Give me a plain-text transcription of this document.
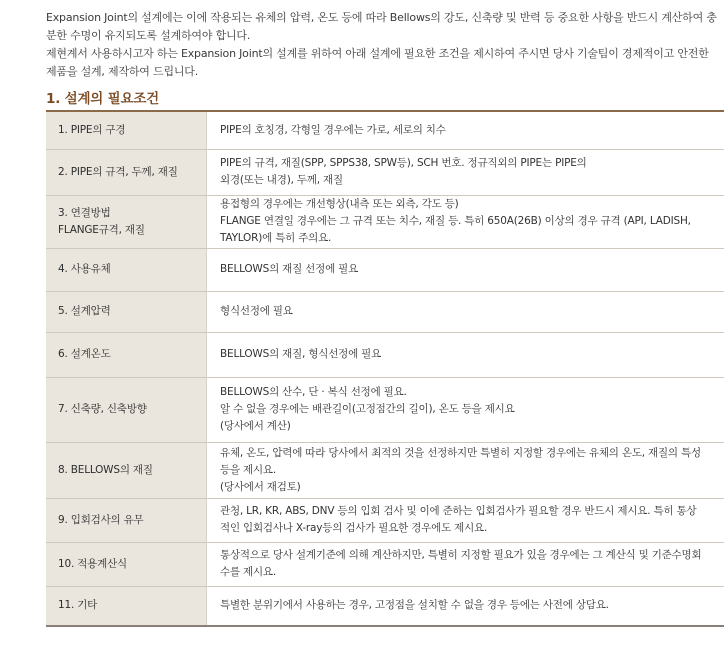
Expansion Joint의 설계에는 이에 작용되는 유체의 압력, 온도 등에 따라 Bellows의 강도, 신축량 및 반력 등 중요한 사항을 반드시 계산하여 충분한 수명이 유지되도록 설계하여야 합니다.

제현계서 사용하시고자 하는 Expansion Joint의 설계를 위하여 아래 설계에 필요한 조건을 제시하여 주시면 당사 기술팀이 경제적이고 안전한 제품을 설계, 제작하여 드립니다.

1. 설계의 필요조건
1. PIPE의 구경	PIPE의 호칭경, 각형일 경우에는 가로, 세로의 치수

2. PIPE의 규격, 두께, 재질	PIPE의 규격, 재질(SPP, SPPS38, SPW등), SCH 번호. 정규직외의 PIPE는 PIPE의
외경(또는 내경), 두께, 재질

3. 연결방법
FLANGE규격, 재질	용접형의 경우에는 개선형상(내측 또는 외측, 각도 등)
FLANGE 연결일 경우에는 그 규격 또는 치수, 재질 등. 특히 650A(26B) 이상의 경우 규격 (API, LADISH,
TAYLOR)에 특히 주의요.

4. 사용유체	BELLOWS의 재질 선정에 필요

5. 설계압력	형식선정에 필요

6. 설계온도	BELLOWS의 재질, 형식선정에 필요

7. 신축량, 신축방향	BELLOWS의 산수, 단 · 복식 선정에 필요.
알 수 없을 경우에는 배관길이(고정점간의 길이), 온도 등을 제시요
(당사에서 계산)

8. BELLOWS의 재질	유체, 온도, 압력에 따라 당사에서 최적의 것을 선정하지만 특별히 지정할 경우에는 유체의 온도, 재질의 특성
등을 제시요.
(당사에서 재검토)

9. 입회검사의 유무	관청, LR, KR, ABS, DNV 등의 입회 검사 및 이에 준하는 입회검사가 필요할 경우 반드시 제시요. 특히 통상
적인 입회검사나 X-ray등의 검사가 필요한 경우에도 제시요.

10. 적용계산식	통상적으로 당사 설계기준에 의해 계산하지만, 특별히 지정할 필요가 있을 경우에는 그 계산식 및 기준수명회
수를 제시요.

11. 기타	특별한 분위기에서 사용하는 경우, 고정점을 설치할 수 없을 경우 등에는 사전에 상담요.
